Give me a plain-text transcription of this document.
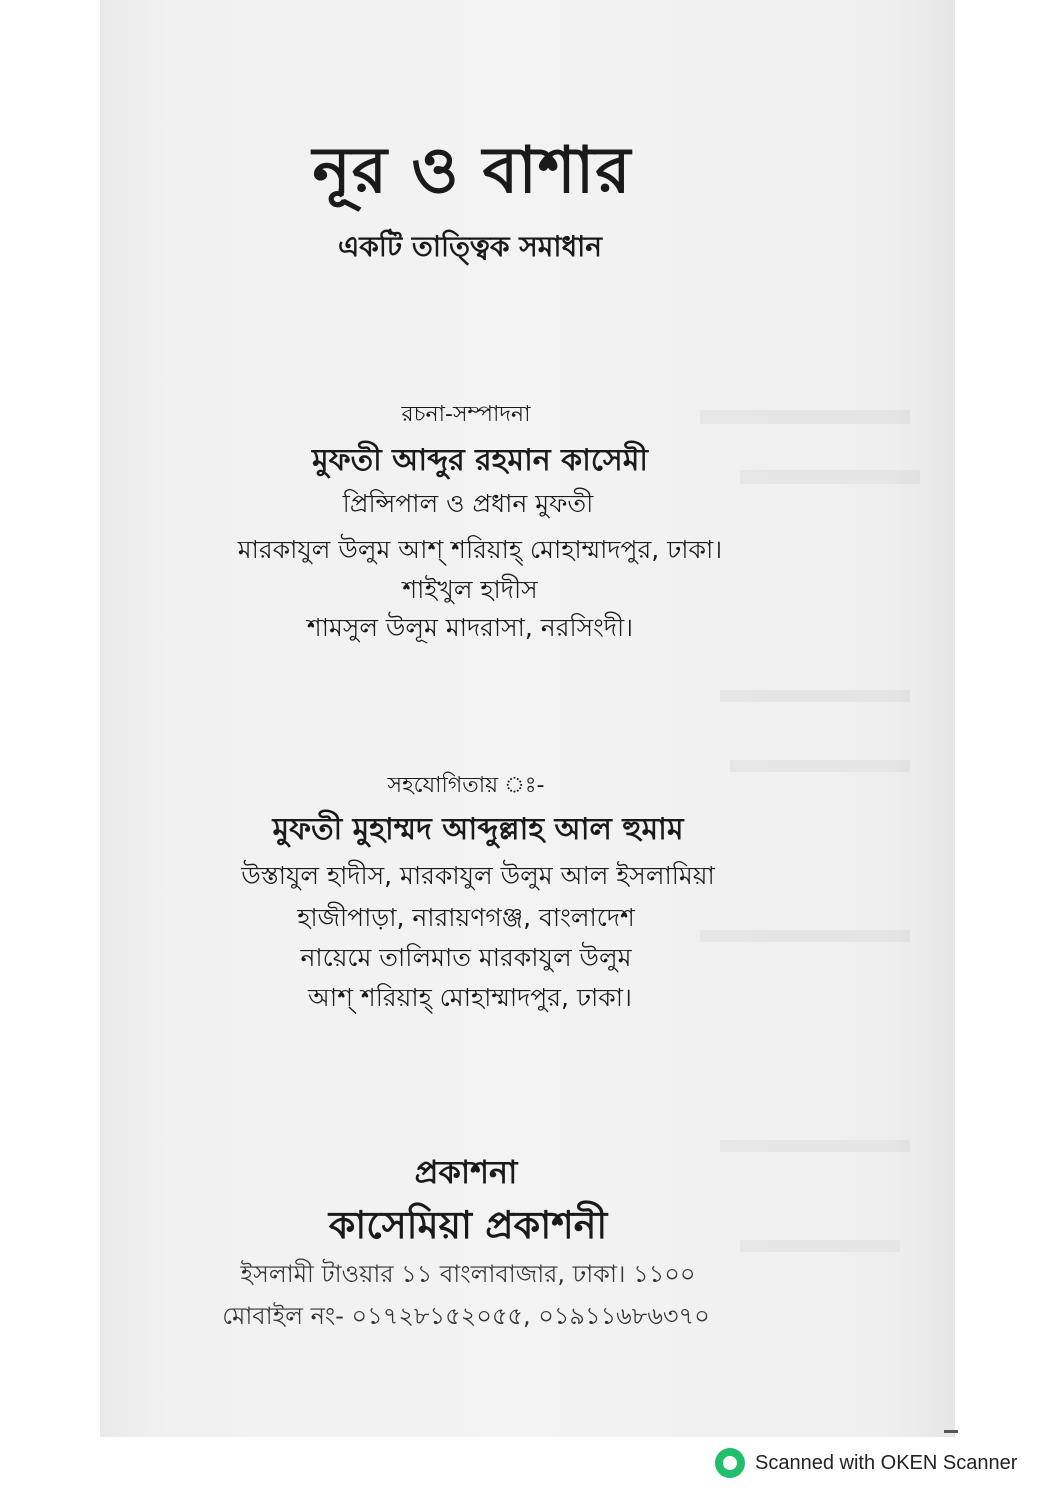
নূর ও বাশার
একটি তাত্ত্বিক সমাধান
রচনা-সম্পাদনা
মুফতী আব্দুর রহমান কাসেমী
প্রিন্সিপাল ও প্রধান মুফতী
মারকাযুল উলুম আশ্ শরিয়াহ্ মোহাম্মাদপুর, ঢাকা।
শাইখুল হাদীস
শামসুল উলূম মাদরাসা, নরসিংদী।
সহযোগিতায় ঃ-
মুফতী মুহাম্মদ আব্দুল্লাহ আল হুমাম
উস্তাযুল হাদীস, মারকাযুল উলুম আল ইসলামিয়া
হাজীপাড়া, নারায়ণগঞ্জ, বাংলাদেশ
নায়েমে তালিমাত মারকাযুল উলুম
আশ্ শরিয়াহ্ মোহাম্মাদপুর, ঢাকা।
প্রকাশনা
কাসেমিয়া প্রকাশনী
ইসলামী টাওয়ার ১১ বাংলাবাজার, ঢাকা। ১১০০
মোবাইল নং- ০১৭২৮১৫২০৫৫, ০১৯১১৬৮৬৩৭০
Scanned with OKEN Scanner
